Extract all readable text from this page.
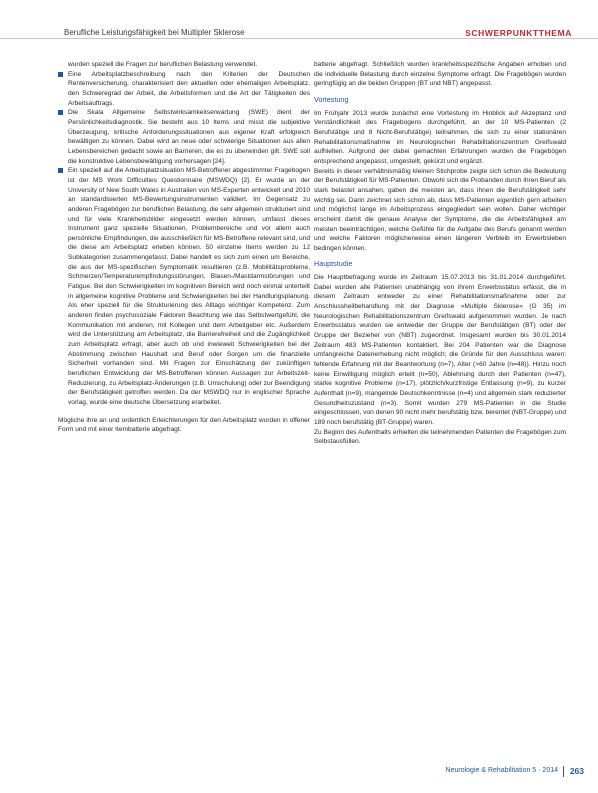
Berufliche Leistungsfähigkeit bei Multipler Sklerose	SCHWERPUNKTTHEMA

wurden speziell die Fragen zur beruflichen Belastung verwendet.

Eine Arbeitsplatzbeschreibung nach den Kriterien der Deutschen Rentenversicherung, charakterisiert den aktuellen oder ehemaligen Arbeitsplatz, den Schweregrad der Arbeit, die Arbeitsformen und die Art der Tätigkeiten des Arbeitsauftrags.

Die Skala Allgemeine Selbstwirksamkeitserwartung (SWE) dient der Persönlichkeitsdiagnostik. Sie besteht aus 10 Items und misst die subjektive Überzeugung, kritische Anforderungssituationen aus eigener Kraft erfolgreich bewältigen zu können. Dabei wird an neue oder schwierige Situationen aus allen Lebensbereichen gedacht sowie an Barrieren, die es zu überwinden gilt. SWE soll die konstruktive Lebensbewältigung vorhersagen [24].

Ein speziell auf die Arbeitsplatzsituation MS-Betroffener abgestimmter Fragebogen ist der MS Work Difficulties Questionnaire (MSWDQ) [2]. Er wurde an der University of New South Wales in Australien von MS-Experten entwickelt und 2010 an standardisierten MS-Bewertungsinstrumenten validiert. Im Gegensatz zu anderen Fragebögen zur beruflichen Belastung, die sehr allgemein strukturiert sind und für viele Krankheitsbilder eingesetzt werden können, umfasst dieses Instrument ganz spezielle Situationen, Problembereiche und vor allem auch persönliche Empfindungen, die ausschließlich für MS-Betroffene relevant sind, und die diese am Arbeitsplatz erleben können. 50 einzelne Items werden zu 12 Subkategorien zusammengefasst. Dabei handelt es sich zum einen um Bereiche, die aus der MS-spezifischen Symptomatik resultieren (z.B. Mobilitätsprobleme, Schmerzen/Temperaturempfindungsstörungen, Blasen-/Mastdarmstörungen und Fatigue. Bei den Schwierigkeiten im kognitiven Bereich wird noch einmal unterteilt in allgemeine kognitive Probleme und Schwierigkeiten bei der Handlungsplanung. Als eher speziell für die Strukturierung des Alltags wichtiger Kompetenz. Zum anderen finden psychosoziale Faktoren Beachtung wie das Selbstwertgefühl, die Kommunikation mit anderen, mit Kollegen und dem Arbeitgeber etc. Außerdem wird die Unterstützung am Arbeitsplatz, die Barrierefreiheit und die Zugänglichkeit zum Arbeitsplatz erfragt, aber auch ob und inwieweit Schwierigkeiten bei der Abstimmung zwischen Haushalt und Beruf oder Sorgen um die finanzielle Sicherheit vorhanden sind. Mit Fragen zur Einschätzung der zukünftigen beruflichen Entwicklung der MS-Betroffenen können Aussagen zur Arbeitszeit-Reduzierung, zu Arbeitsplatz-Änderungen (z.B. Umschulung) oder zur Beendigung der Berufstätigkeit getroffen werden. Da der MSWDQ nur in englischer Sprache vorlag, wurde eine deutsche Übersetzung erarbeitet.

Mögliche ihre an und ordentlich Erleichterungen für den Arbeitsplatz wurden in offener Form und mit einer Itembatterie abgefragt.

batterie abgefragt. Schließlich wurden krankheitsspezifische Angaben erhoben und die individuelle Belastung durch einzelne Symptome erfragt. Die Fragebögen wurden geringfügig an die beiden Gruppen (BT und NBT) angepasst.

Vortestung

Im Frühjahr 2013 wurde zunächst eine Vortestung im Hinblick auf Akzeptanz und Verständlichkeit des Fragebogens durchgeführt, an der 10 MS-Patienten (2 Berufstätige und 8 Nicht-Berufstätige) teilnahmen, die sich zu einer stationären Rehabilitationsmaßnahme im Neurologischen Rehabilitationszentrum Greifswald aufhielten. Aufgrund der dabei gemachten Erfahrungen wurden die Fragebögen entsprechend angepasst, umgestellt, gekürzt und ergänzt.

Bereits in dieser verhältnismäßig kleinen Stichprobe zeigte sich schon die Bedeutung der Berufstätigkeit für MS-Patienten. Obwohl sich die Probanden durch ihren Beruf als stark belastet ansahen, gaben die meisten an, dass ihnen die Berufstätigkeit sehr wichtig sei. Darin zeichnet sich schon ab, dass MS-Patienten eigentlich gern arbeiten und möglichst lange im Arbeitsprozess eingegliedert sein wollen. Daher wichtiger erscheint damit die genaue Analyse der Symptome, die die Arbeitsfähigkeit am meisten beeinträchtigen, welche Gefühle für die Aufgabe des Berufs genannt werden und welche Faktoren möglicherweise einen längeren Verbleib im Erwerbsleben bedingen können.

Hauptstudie

Die Hauptbefragung wurde im Zeitraum 15.07.2013 bis 31.01.2014 durchgeführt. Dabei wurden alle Patienten unabhängig von ihrem Erwerbsstatus erfasst, die in diesem Zeitraum entweder zu einer Rehabilitationsmaßnahme oder zur Anschlussheilbehandlung mit der Diagnose »Multiple Sklerose« (G 35) im Neurologischen Rehabilitationszentrum Greifswald aufgenommen wurden. Je nach Erwerbsstatus wurden sie entweder der Gruppe der Berufstätigen (BT) oder der Gruppe der Bezieher von (NBT) zugeordnet. Insgesamt wurden bis 30.01.2014 Zeitraum 483 MS-Patienten kontaktiert. Bei 204 Patienten war die Diagnose umfangreiche Datenerhebung nicht möglich; die Gründe für den Ausschluss waren: fehlende Erfahrung mit der Beantwortung (n=7), Alter (>60 Jahre (n=48)). Hinzu noch keine Einwilligung möglich erteilt (n=50), Ablehnung durch den Patienten (n=47), starke kognitive Probleme (n=17), plötzlich/kurzfristige Entlassung (n=9), zu kurzer Aufenthalt (n=9), mangelnde Deutschkenntnisse (n=4) und allgemein stark reduzierter Gesundheitszustand (n=3). Somit wurden 279 MS-Patienten in die Studie eingeschlossen, von denen 90 nicht mehr berufstätig bzw. berentet (NBT-Gruppe) und 189 noch berufstätig (BT-Gruppe) waren.

Zu Beginn des Aufenthalts erhielten die teilnehmenden Patienten die Fragebögen zum Selbstausfüllen.

Neurologie & Rehabilitation 5 · 2014 263
